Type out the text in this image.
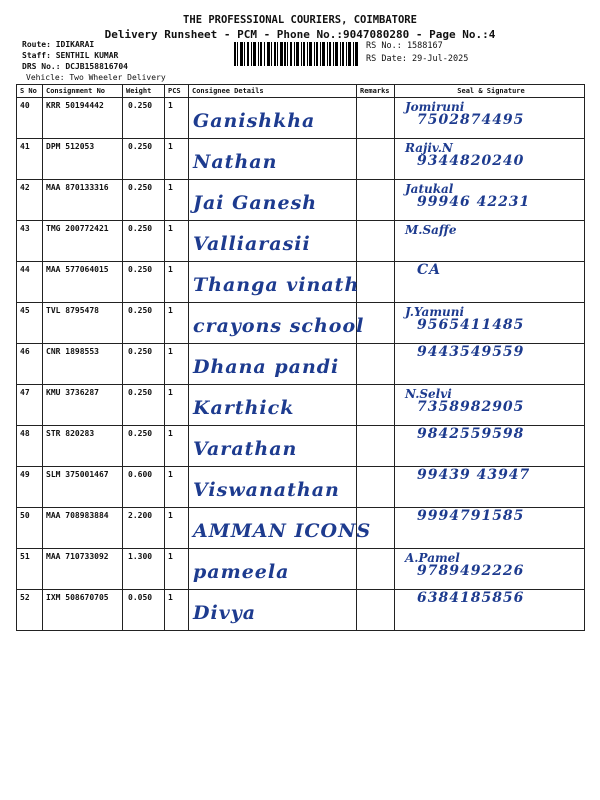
THE PROFESSIONAL COURIERS, COIMBATORE
Delivery Runsheet - PCM - Phone No.:9047080280 - Page No.:4
Route: IDIKARAI
Staff: SENTHIL KUMAR
DRS No.: DCJB158816704
Vehicle: Two Wheeler Delivery
RS No.: 1588167
RS Date: 29-Jul-2025
S No	Consignment No	Weight	PCS	Consignee Details	Remarks	Seal & Signature

40	KRR 50194442	0.250	1	Ganishkha		Jomiruni
7502874495

41	DPM 512053	0.250	1	Nathan		Rajiv.N
9344820240

42	MAA 870133316	0.250	1	Jai Ganesh		Jatukal
99946 42231

43	TMG 200772421	0.250	1	Valliarasii		M.Saffe

44	MAA 577064015	0.250	1	Thanga vinath		CA

45	TVL 8795478	0.250	1	crayons school		J.Yamuni
9565411485

46	CNR 1898553	0.250	1	Dhana pandi		9443549559

47	KMU 3736287	0.250	1	Karthick		N.Selvi
7358982905

48	STR 820283	0.250	1	Varathan		9842559598

49	SLM 375001467	0.600	1	Viswanathan		99439 43947

50	MAA 708983884	2.200	1	AMMAN ICONS		9994791585

51	MAA 710733092	1.300	1	pameela		A.Pamel
9789492226

52	IXM 508670705	0.050	1	Divya		6384185856
